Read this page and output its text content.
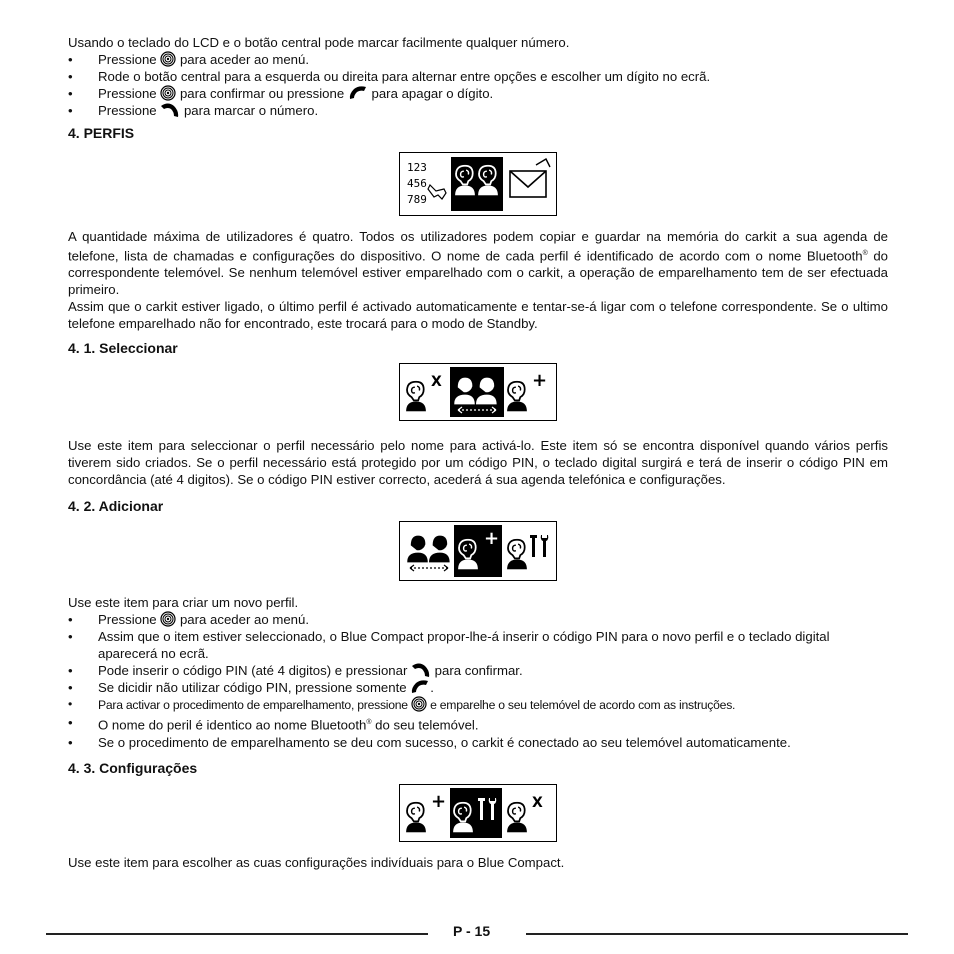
Usando o teclado do LCD e o botão central pode marcar facilmente qualquer número.

• Pressione  para aceder ao menú.
• Rode o botão central para a esquerda ou direita para alternar entre opções e escolher um dígito no ecrã.
• Pressione  para confirmar ou pressione  para apagar o dígito.
• Pressione  para marcar o número.
4. PERFIS
123
456
789

A quantidade máxima de utilizadores é quatro. Todos os utilizadores podem copiar e guardar na memória do carkit a sua agenda de telefone, lista de chamadas e configurações do dispositivo. O nome de cada perfil é identificado de acordo com o nome Bluetooth® do correspondente telemóvel. Se nenhum telemóvel estiver emparelhado com o carkit, a operação de emparelhamento tem de ser efectuada primeiro.

Assim que o carkit estiver ligado, o último perfil é activado automaticamente e tentar-se-á ligar com o telefone correspondente. Se o ultimo telefone emparelhado não for encontrado, este trocará para o modo de Standby.

4. 1. Seleccionar
X	+

Use este item para seleccionar o perfil necessário pelo nome para activá-lo. Este item só se encontra disponível quando vários perfis tiverem sido criados. Se o perfil necessário está protegido por um código PIN, o teclado digital surgirá e terá de inserir o código PIN em concordância (até 4 digitos). Se o código PIN estiver correcto, acederá á sua agenda telefónica e configurações.

4. 2. Adicionar
+

Use este item para criar um novo perfil.

• Pressione  para aceder ao menú.
• Assim que o item estiver seleccionado, o Blue Compact propor-lhe-á inserir o código PIN para o novo perfil e o teclado digital aparecerá no ecrã.
• Pode inserir o código PIN (até 4 digitos) e pressionar  para confirmar.
• Se dicidir não utilizar código PIN, pressione somente .
• Para activar o procedimento de emparelhamento, pressione  e emparelhe o seu telemóvel de acordo com as instruções.
• O nome do peril é identico ao nome Bluetooth® do seu telemóvel.
• Se o procedimento de emparelhamento se deu com sucesso, o carkit é conectado ao seu telemóvel automaticamente.
4. 3. Configurações
+	X

Use este item para escolher as cuas configurações indivíduais para o Blue Compact.

P - 15
